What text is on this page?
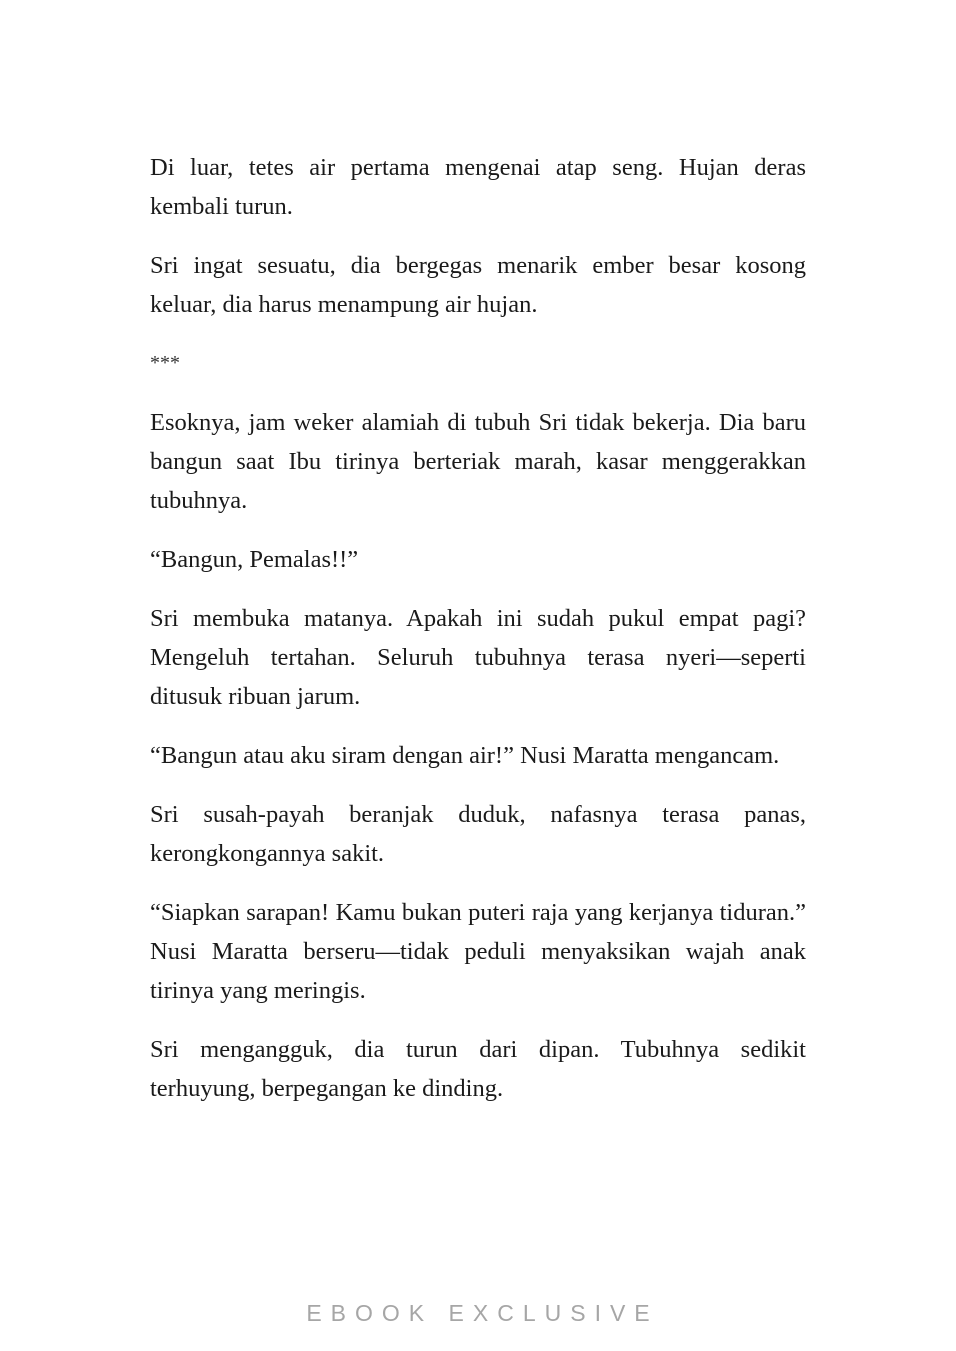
Di luar, tetes air pertama mengenai atap seng. Hujan deras kembali turun.

Sri ingat sesuatu, dia bergegas menarik ember besar kosong keluar, dia harus menampung air hujan.

***

Esoknya, jam weker alamiah di tubuh Sri tidak bekerja. Dia baru bangun saat Ibu tirinya berteriak marah, kasar menggerakkan tubuhnya.

“Bangun, Pemalas!!”

Sri membuka matanya. Apakah ini sudah pukul empat pagi? Mengeluh tertahan. Seluruh tubuhnya terasa nyeri—seperti ditusuk ribuan jarum.

“Bangun atau aku siram dengan air!” Nusi Maratta mengancam.

Sri susah-payah beranjak duduk, nafasnya terasa panas, kerongkongannya sakit.

“Siapkan sarapan! Kamu bukan puteri raja yang kerjanya tiduran.” Nusi Maratta berseru—tidak peduli menyaksikan wajah anak tirinya yang meringis.

Sri mengangguk, dia turun dari dipan. Tubuhnya sedikit terhuyung, berpegangan ke dinding.

EBOOK EXCLUSIVE
